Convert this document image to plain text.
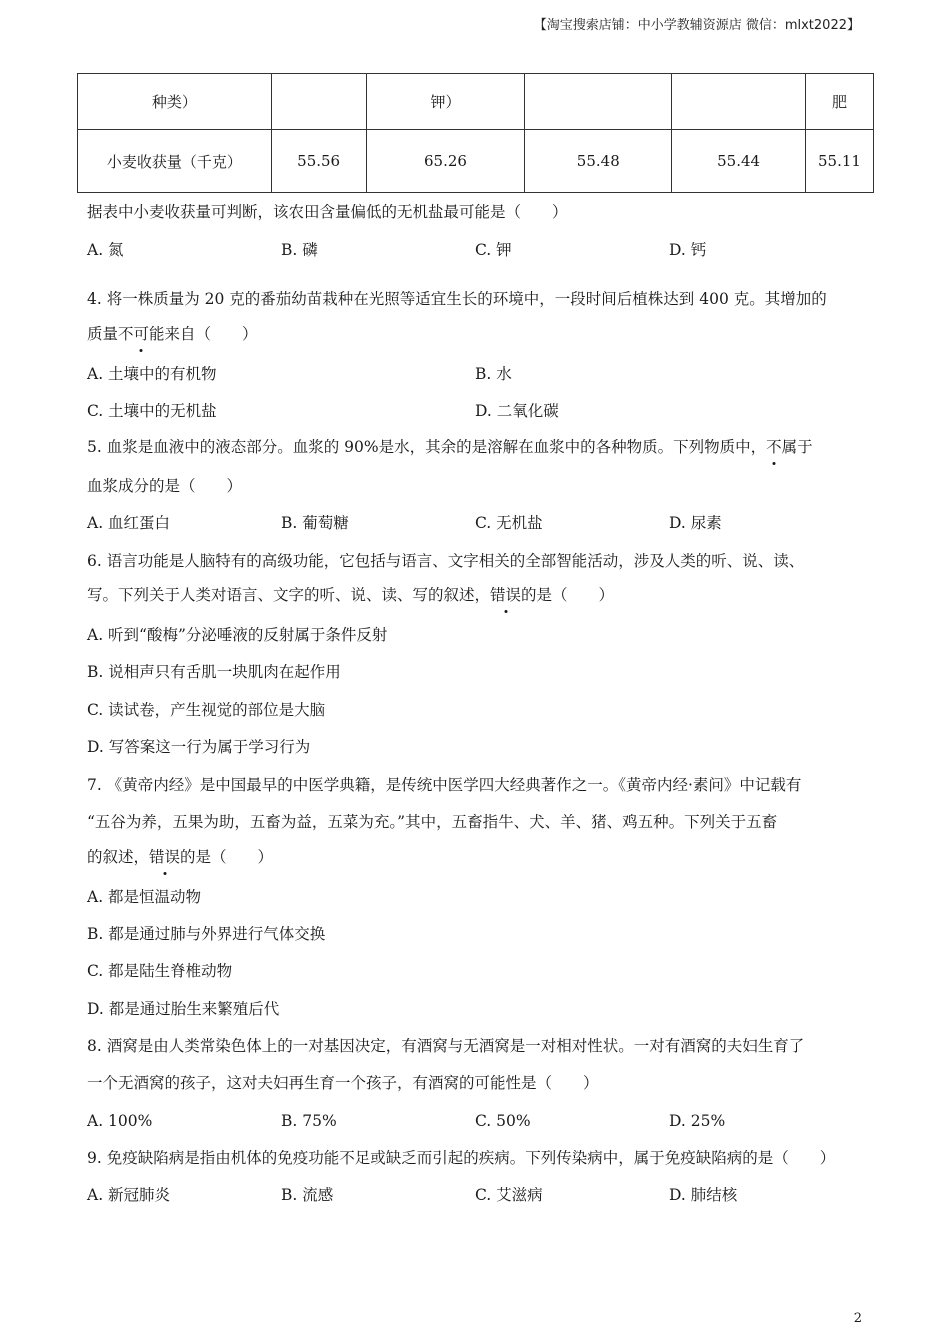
【淘宝搜索店铺：中小学教辅资源店 微信：mlxt2022】
种类）		钾）			肥
小麦收获量（千克）	55.56	65.26	55.48	55.44	55.11
据表中小麦收获量可判断，该农田含量偏低的无机盐最可能是（　　）
A. 氮	B. 磷	C. 钾	D. 钙
4. 将一株质量为 20 克的番茄幼苗栽种在光照等适宜生长的环境中，一段时间后植株达到 400 克。其增加的
质量不可能来自（　　）
A. 土壤中的有机物	B. 水
C. 土壤中的无机盐	D. 二氧化碳
5. 血浆是血液中的液态部分。血浆的 90%是水，其余的是溶解在血浆中的各种物质。下列物质中，不属于
血浆成分的是（　　）
A. 血红蛋白	B. 葡萄糖	C. 无机盐	D. 尿素
6. 语言功能是人脑特有的高级功能，它包括与语言、文字相关的全部智能活动，涉及人类的听、说、读、
写。下列关于人类对语言、文字的听、说、读、写的叙述，错误的是（　　）
A. 听到“酸梅”分泌唾液的反射属于条件反射
B. 说相声只有舌肌一块肌肉在起作用
C. 读试卷，产生视觉的部位是大脑
D. 写答案这一行为属于学习行为
7. 《黄帝内经》是中国最早的中医学典籍，是传统中医学四大经典著作之一。《黄帝内经·素问》中记载有
“五谷为养，五果为助，五畜为益，五菜为充。”其中，五畜指牛、犬、羊、猪、鸡五种。下列关于五畜
的叙述，错误的是（　　）
A. 都是恒温动物
B. 都是通过肺与外界进行气体交换
C. 都是陆生脊椎动物
D. 都是通过胎生来繁殖后代
8. 酒窝是由人类常染色体上的一对基因决定，有酒窝与无酒窝是一对相对性状。一对有酒窝的夫妇生育了
一个无酒窝的孩子，这对夫妇再生育一个孩子，有酒窝的可能性是（　　）
A. 100%	B. 75%	C. 50%	D. 25%
9. 免疫缺陷病是指由机体的免疫功能不足或缺乏而引起的疾病。下列传染病中，属于免疫缺陷病的是（　　）
A. 新冠肺炎	B. 流感	C. 艾滋病	D. 肺结核
2
